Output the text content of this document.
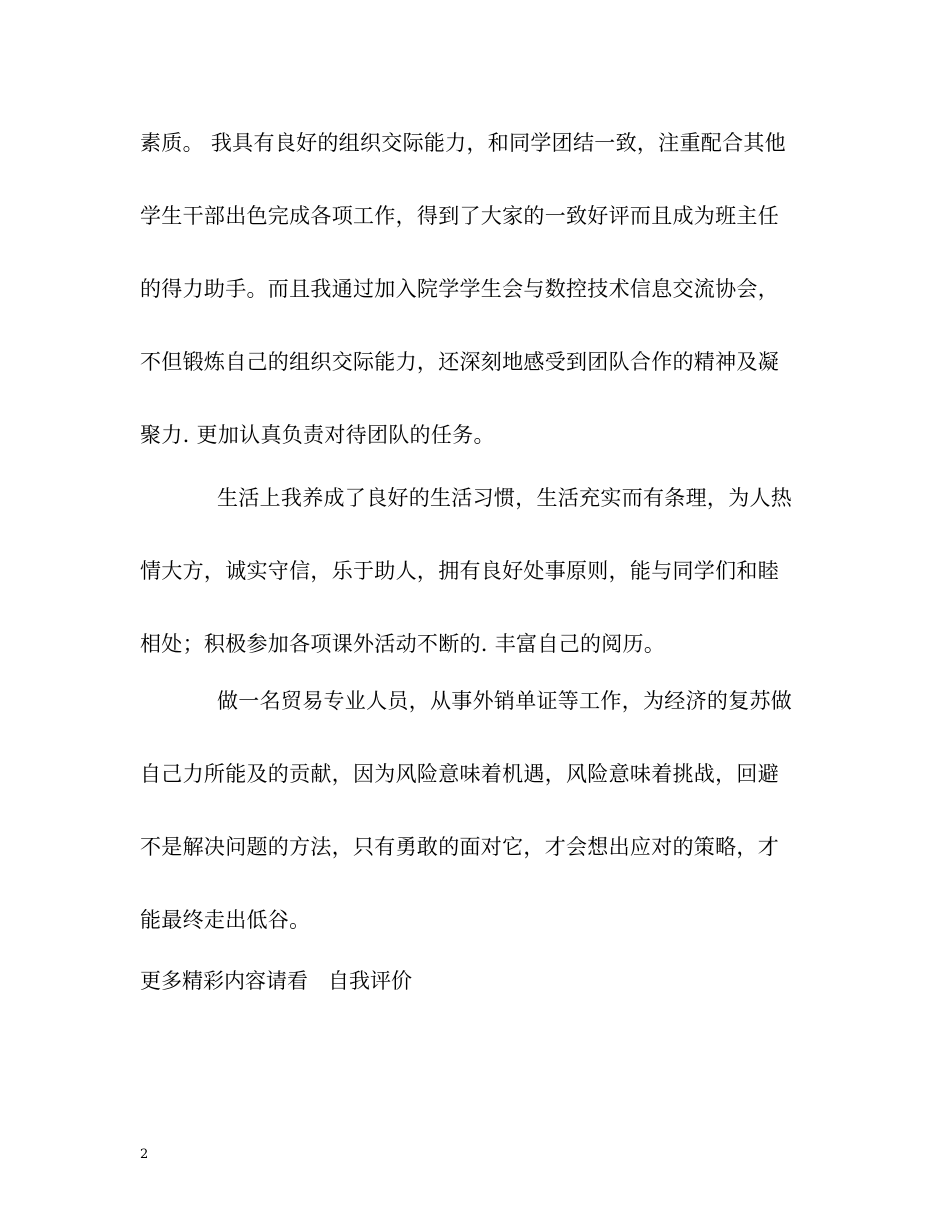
素质。 我具有良好的组织交际能力，和同学团结一致，注重配合其他
学生干部出色完成各项工作，得到了大家的一致好评而且成为班主任
的得力助手。而且我通过加入院学学生会与数控技术信息交流协会，
不但锻炼自己的组织交际能力，还深刻地感受到团队合作的精神及凝
聚力. 更加认真负责对待团队的任务。
生活上我养成了良好的生活习惯，生活充实而有条理，为人热
情大方，诚实守信，乐于助人，拥有良好处事原则，能与同学们和睦
相处；积极参加各项课外活动不断的. 丰富自己的阅历。
做一名贸易专业人员，从事外销单证等工作，为经济的复苏做
自己力所能及的贡献，因为风险意味着机遇，风险意味着挑战，回避
不是解决问题的方法，只有勇敢的面对它，才会想出应对的策略，才
能最终走出低谷。
更多精彩内容请看 自我评价
2
